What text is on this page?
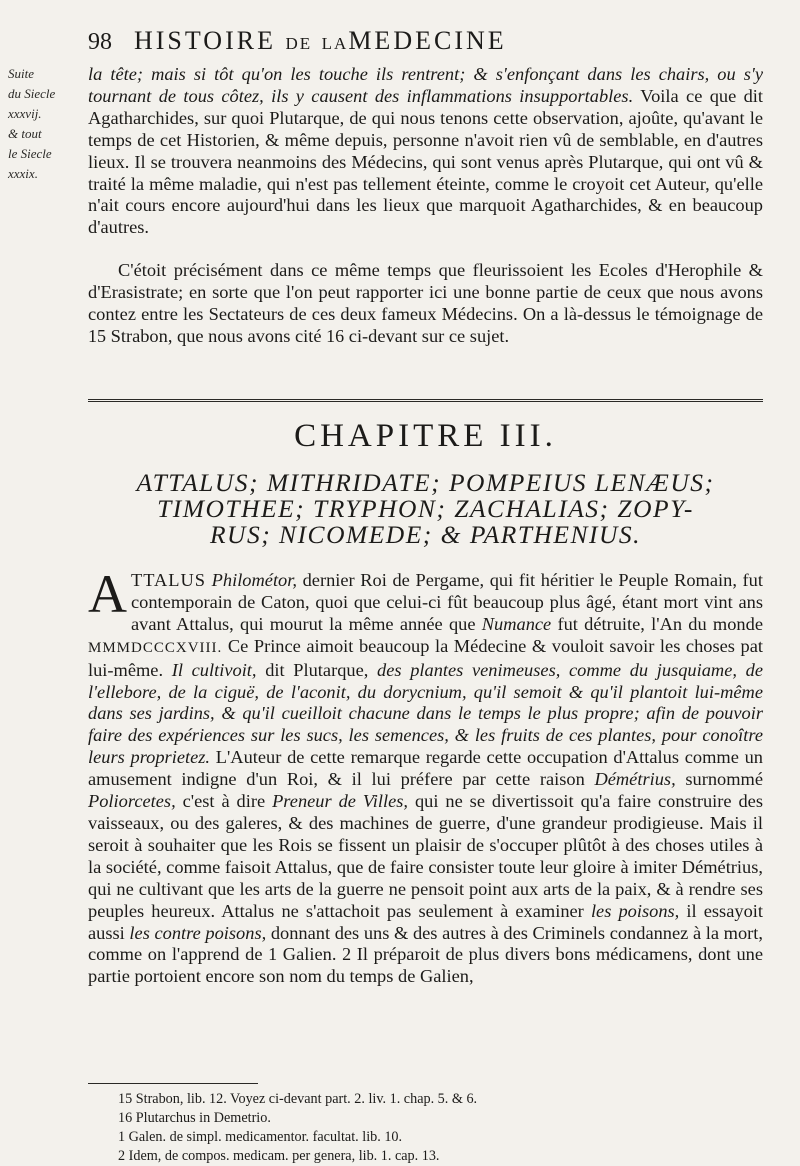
98 HISTOIRE DE LAMEDECINE
Suite
du Siecle
xxxvij.
& tout
le Siecle
xxxix.

la tête; mais si tôt qu'on les touche ils rentrent; & s'enfonçant dans les chairs, ou s'y tournant de tous côtez, ils y causent des inflammations insupportables. Voila ce que dit Agatharchides, sur quoi Plutarque, de qui nous tenons cette observation, ajoûte, qu'avant le temps de cet Historien, & même depuis, personne n'avoit rien vû de semblable, en d'autres lieux. Il se trouvera neanmoins des Médecins, qui sont venus après Plutarque, qui ont vû & traité la même maladie, qui n'est pas tellement éteinte, comme le croyoit cet Auteur, qu'elle n'ait cours encore aujourd'hui dans les lieux que marquoit Agatharchides, & en beaucoup d'autres.

C'étoit précisément dans ce même temps que fleurissoient les Ecoles d'Herophile & d'Erasistrate; en sorte que l'on peut rapporter ici une bonne partie de ceux que nous avons contez entre les Sectateurs de ces deux fameux Médecins. On a là-dessus le témoignage de 15 Strabon, que nous avons cité 16 ci-devant sur ce sujet.

CHAPITRE III.
ATTALUS; MITHRIDATE; POMPEIUS LENÆUS;
TIMOTHEE; TRYPHON; ZACHALIAS; ZOPY-
RUS; NICOMEDE; & PARTHENIUS.

ATTALUS Philométor, dernier Roi de Pergame, qui fit héritier le Peuple Romain, fut contemporain de Caton, quoi que celui-ci fût beaucoup plus âgé, étant mort vint ans avant Attalus, qui mourut la même année que Numance fut détruite, l'An du monde MMMDCCCXVIII. Ce Prince aimoit beaucoup la Médecine & vouloit savoir les choses pat lui-même. Il cultivoit, dit Plutarque, des plantes venimeuses, comme du jusquiame, de l'ellebore, de la ciguë, de l'aconit, du dorycnium, qu'il semoit & qu'il plantoit lui-même dans ses jardins, & qu'il cueilloit chacune dans le temps le plus propre; afin de pouvoir faire des expériences sur les sucs, les semences, & les fruits de ces plantes, pour conoître leurs proprietez. L'Auteur de cette remarque regarde cette occupation d'Attalus comme un amusement indigne d'un Roi, & il lui préfere par cette raison Démétrius, surnommé Poliorcetes, c'est à dire Preneur de Villes, qui ne se divertissoit qu'a faire construire des vaisseaux, ou des galeres, & des machines de guerre, d'une grandeur prodigieuse. Mais il seroit à souhaiter que les Rois se fissent un plaisir de s'occuper plûtôt à des choses utiles à la société, comme faisoit Attalus, que de faire consister toute leur gloire à imiter Démétrius, qui ne cultivant que les arts de la guerre ne pensoit point aux arts de la paix, & à rendre ses peuples heureux. Attalus ne s'attachoit pas seulement à examiner les poisons, il essayoit aussi les contre poisons, donnant des uns & des autres à des Criminels condannez à la mort, comme on l'apprend de 1 Galien. 2 Il préparoit de plus divers bons médicamens, dont une partie portoient encore son nom du temps de Galien,

15 Strabon, lib. 12. Voyez ci-devant part. 2. liv. 1. chap. 5. & 6.
16 Plutarchus in Demetrio.
1 Galen. de simpl. medicamentor. facultat. lib. 10.
2 Idem, de compos. medicam. per genera, lib. 1. cap. 13.
